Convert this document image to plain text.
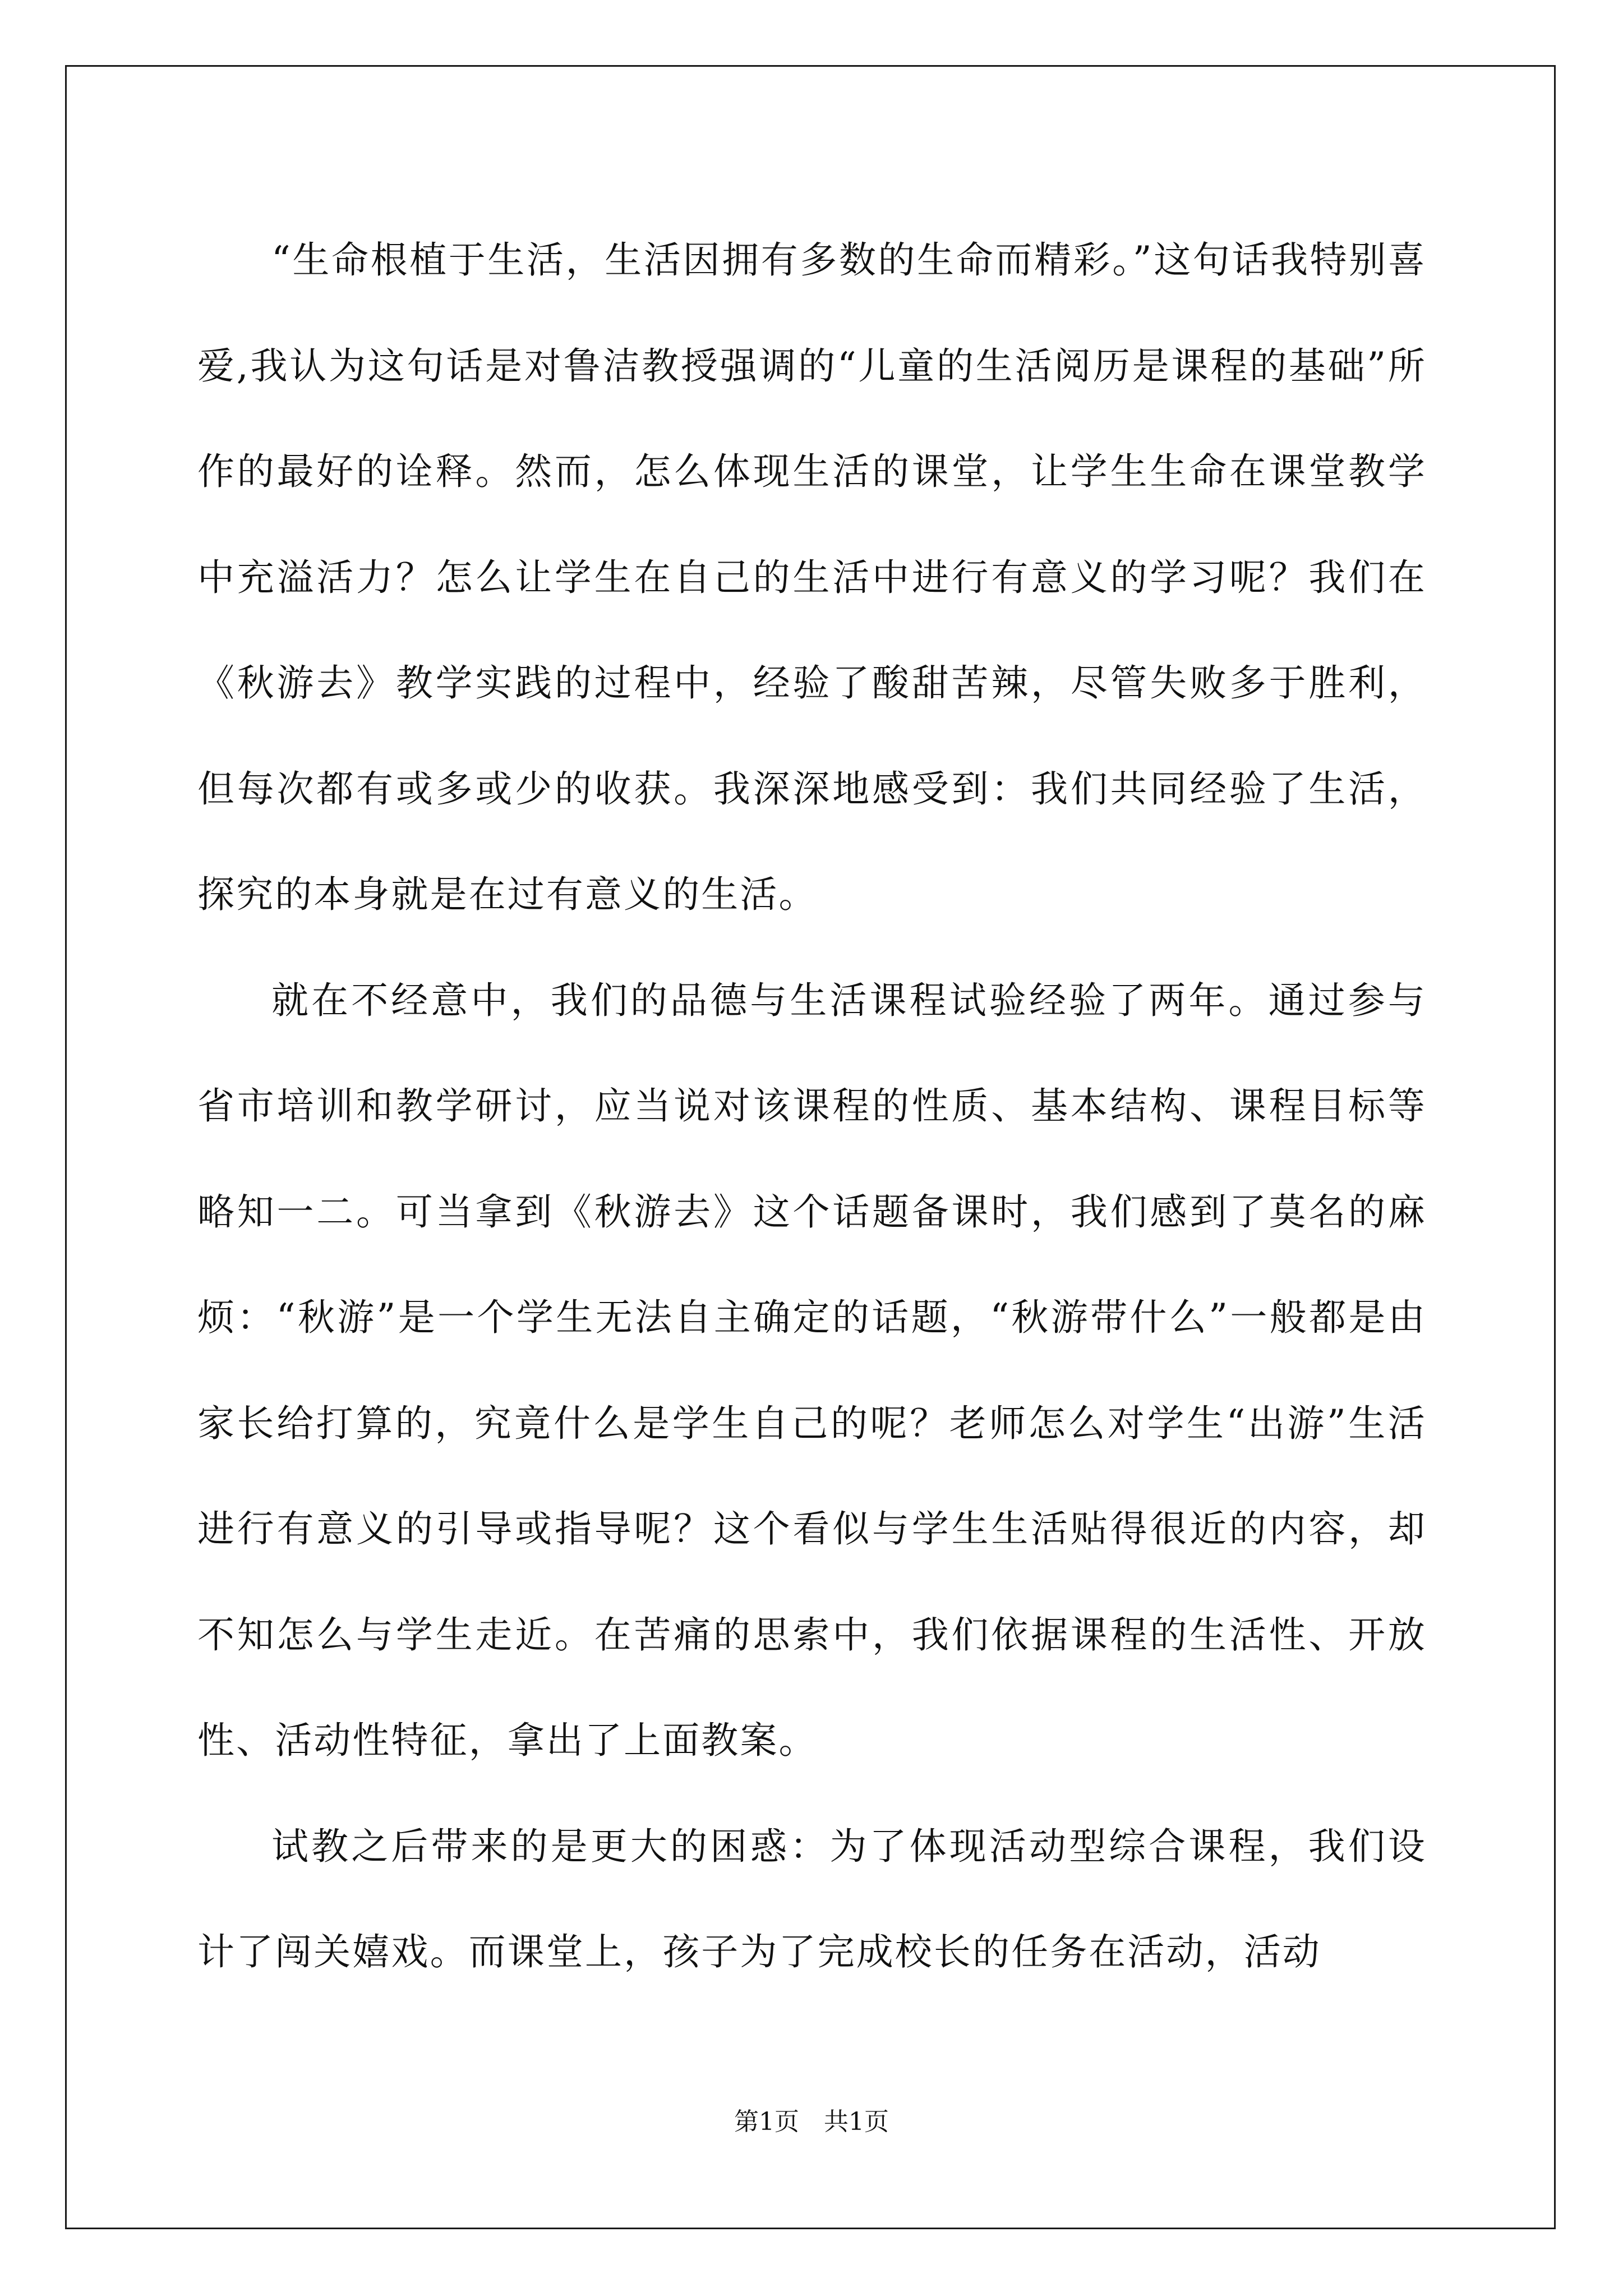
“生命根植于生活，生活因拥有多数的生命而精彩。”这句话我特别喜爱,我认为这句话是对鲁洁教授强调的“儿童的生活阅历是课程的基础”所作的最好的诠释。然而，怎么体现生活的课堂，让学生生命在课堂教学中充溢活力？怎么让学生在自己的生活中进行有意义的学习呢？我们在《秋游去》教学实践的过程中，经验了酸甜苦辣，尽管失败多于胜利，但每次都有或多或少的收获。我深深地感受到：我们共同经验了生活，探究的本身就是在过有意义的生活。

就在不经意中，我们的品德与生活课程试验经验了两年。通过参与省市培训和教学研讨，应当说对该课程的性质、基本结构、课程目标等略知一二。可当拿到《秋游去》这个话题备课时，我们感到了莫名的麻烦：“秋游”是一个学生无法自主确定的话题，“秋游带什么”一般都是由家长给打算的，究竟什么是学生自己的呢？老师怎么对学生“出游”生活进行有意义的引导或指导呢？这个看似与学生生活贴得很近的内容，却不知怎么与学生走近。在苦痛的思索中，我们依据课程的生活性、开放性、活动性特征，拿出了上面教案。

试教之后带来的是更大的困惑：为了体现活动型综合课程，我们设计了闯关嬉戏。而课堂上，孩子为了完成校长的任务在活动，活动

第1页　共1页
